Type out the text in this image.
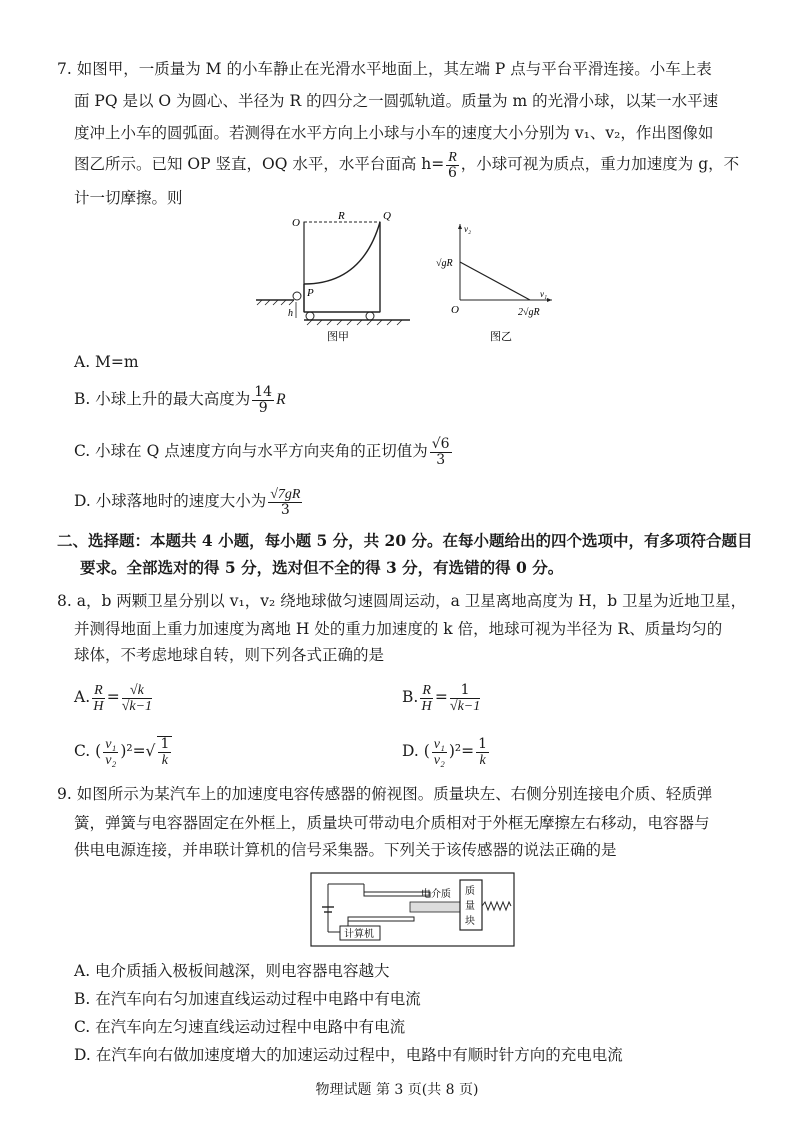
7. 如图甲，一质量为 M 的小车静止在光滑水平地面上，其左端 P 点与平台平滑连接。小车上表
面 PQ 是以 O 为圆心、半径为 R 的四分之一圆弧轨道。质量为 m 的光滑小球，以某一水平速
度冲上小车的圆弧面。若测得在水平方向上小球与小车的速度大小分别为 v₁、v₂，作出图像如
图乙所示。已知 OP 竖直，OQ 水平，水平台面高 $h= \frac{R}{6}$ ，小球可视为质点，重力加速度为 g，不
计一切摩擦。则
O
R	Q
P
h
图甲
v₂
√gR
O	2√gR
v₁
图乙
A. M=m
B. 小球上升的最大高度为 $\frac{14}{9}$ R
C. 小球在 Q 点速度方向与水平方向夹角的正切值为 $\frac{√6}{3}$
D. 小球落地时的速度大小为 $\frac{√7gR}{3}$
二、选择题：本题共 4 小题，每小题 5 分，共 20 分。在每小题给出的四个选项中，有多项符合题目
要求。全部选对的得 5 分，选对但不全的得 3 分，有选错的得 0 分。
8. a，b 两颗卫星分别以 v₁，v₂ 绕地球做匀速圆周运动，a 卫星离地高度为 H，b 卫星为近地卫星，
并测得地面上重力加速度为离地 H 处的重力加速度的 k 倍，地球可视为半径为 R、质量均匀的
球体，不考虑地球自转，则下列各式正确的是
A. $\frac{R}{H} = \frac{√k}{√k-1}$	B. $\frac{R}{H} = \frac{1}{√k-1}$
C. ( $\frac{\text{v₁}}{\text{v₂}} )^2=√ \frac{1}{k}$	D. ( $\frac{\text{v₁}}{\text{v₂}} )^2= \frac{1}{k}$
9. 如图所示为某汽车上的加速度电容传感器的俯视图。质量块左、右侧分别连接电介质、轻质弹
簧，弹簧与电容器固定在外框上，质量块可带动电介质相对于外框无摩擦左右移动，电容器与
供电电源连接，并串联计算机的信号采集器。下列关于该传感器的说法正确的是
计算机
电介质 质
量
块
A. 电介质插入极板间越深，则电容器电容越大
B. 在汽车向右匀加速直线运动过程中电路中有电流
C. 在汽车向左匀速直线运动过程中电路中有电流
D. 在汽车向右做加速度增大的加速运动过程中，电路中有顺时针方向的充电电流
物理试题 第 3 页(共 8 页)
